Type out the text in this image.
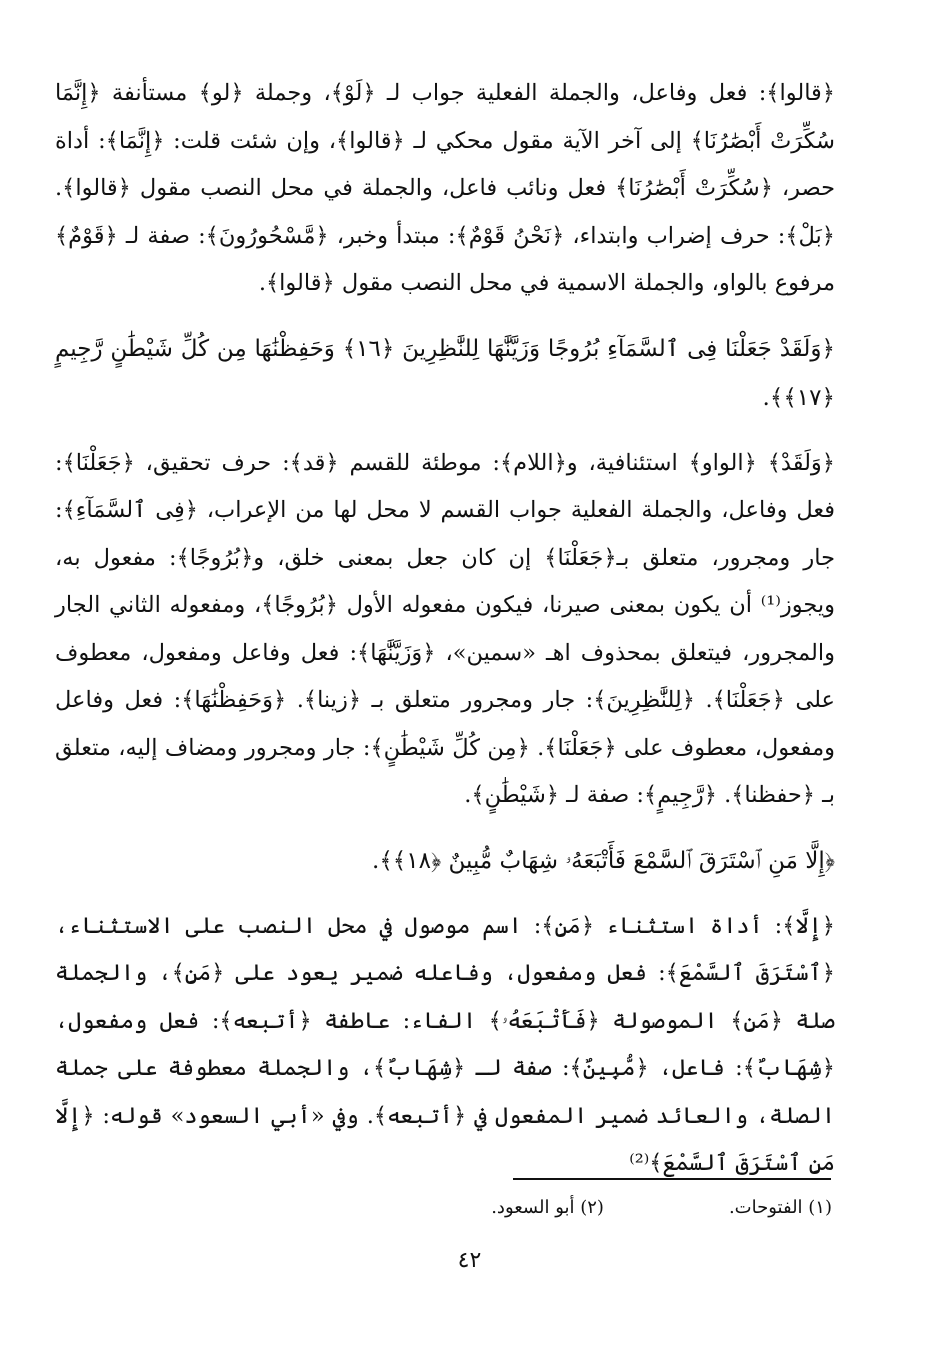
﴿قالوا﴾: فعل وفاعل، والجملة الفعلية جواب لـ ﴿لَوْ﴾، وجملة ﴿لو﴾ مستأنفة ﴿إِنَّمَا سُكِّرَتْ أَبْصَٰرُنَا﴾ إلى آخر الآية مقول محكي لـ ﴿قالوا﴾، وإن شئت قلت: ﴿إِنَّمَا﴾: أداة حصر، ﴿سُكِّرَتْ أَبْصَٰرُنَا﴾ فعل ونائب فاعل، والجملة في محل النصب مقول ﴿قالوا﴾. ﴿بَلْ﴾: حرف إضراب وابتداء، ﴿نَحْنُ قَوْمٌ﴾: مبتدأ وخبر، ﴿مَّسْحُورُونَ﴾: صفة لـ ﴿قَوْمٌ﴾ مرفوع بالواو، والجملة الاسمية في محل النصب مقول ﴿قالوا﴾.

﴿وَلَقَدْ جَعَلْنَا فِى ٱلسَّمَآءِ بُرُوجًا وَزَيَّنَّٰهَا لِلنَّٰظِرِينَ ﴿١٦﴾ وَحَفِظْنَٰهَا مِن كُلِّ شَيْطَٰنٍ رَّجِيمٍ ﴿١٧﴾﴾.

﴿وَلَقَدْ﴾ ﴿الواو﴾ استئنافية، و﴿اللام﴾: موطئة للقسم ﴿قد﴾: حرف تحقيق، ﴿جَعَلْنَا﴾: فعل وفاعل، والجملة الفعلية جواب القسم لا محل لها من الإعراب، ﴿فِى ٱلسَّمَآءِ﴾: جار ومجرور، متعلق بـ﴿جَعَلْنَا﴾ إن كان جعل بمعنى خلق، و﴿بُرُوجًا﴾: مفعول به، ويجوز⁽¹⁾ أن يكون بمعنى صيرنا، فيكون مفعوله الأول ﴿بُرُوجًا﴾، ومفعوله الثاني الجار والمجرور، فيتعلق بمحذوف اهـ «سمين»، ﴿وَزَيَّنَّٰهَا﴾: فعل وفاعل ومفعول، معطوف على ﴿جَعَلْنَا﴾. ﴿لِلنَّٰظِرِينَ﴾: جار ومجرور متعلق بـ ﴿زينا﴾. ﴿وَحَفِظْنَٰهَا﴾: فعل وفاعل ومفعول، معطوف على ﴿جَعَلْنَا﴾. ﴿مِن كُلِّ شَيْطَٰنٍ﴾: جار ومجرور ومضاف إليه، متعلق بـ ﴿حفظنا﴾. ﴿رَّجِيمٍ﴾: صفة لـ ﴿شَيْطَٰنٍ﴾.

﴿إِلَّا مَنِ ٱسْتَرَقَ ٱلسَّمْعَ فَأَتْبَعَهُۥ شِهَابٌ مُّبِينٌ ﴿١٨﴾﴾.

﴿إِلَّا﴾: أداة استثناء ﴿مَنِ﴾: اسم موصول في محل النصب على الاستثناء، ﴿ٱسْتَرَقَ ٱلسَّمْعَ﴾: فعل ومفعول، وفاعله ضمير يعود على ﴿مَنِ﴾، والجملة صلة ﴿مَنِ﴾ الموصولة ﴿فَأَتْبَعَهُۥ﴾ الفاء: عاطفة ﴿أتبعه﴾: فعل ومفعول، ﴿شِهَابٌ﴾: فاعل، ﴿مُّبِينٌ﴾: صفة لـ ﴿شِهَابٌ﴾، والجملة معطوفة على جملة الصلة، والعائد ضمير المفعول في ﴿أتبعه﴾. وفي «أبي السعود» قوله: ﴿إِلَّا مَنِ ٱسْتَرَقَ ٱلسَّمْعَ﴾⁽²⁾

(١) الفتوحات.
(٢) أبو السعود.
٤٢
